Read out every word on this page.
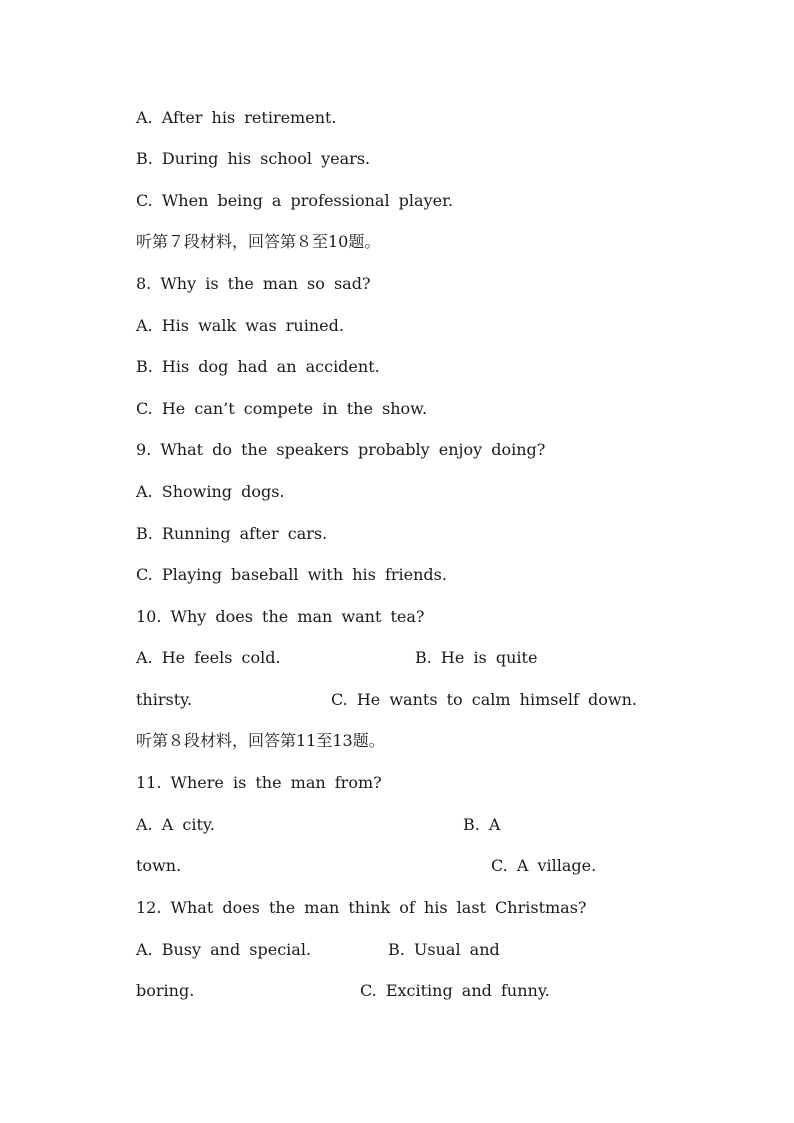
A. After his retirement.
B. During his school years.
C. When being a professional player.
听第７段材料，回答第８至10题。
8. Why is the man so sad?
A. His walk was ruined.
B. His dog had an accident.
C. He can’t compete in the show.
9. What do the speakers probably enjoy doing?
A. Showing dogs.
B. Running after cars.
C. Playing baseball with his friends.
10. Why does the man want tea?
A. He feels cold.	B. He is quite
thirsty.	C. He wants to calm himself down.
听第８段材料，回答第11至13题。
11. Where is the man from?
A. A city.	B. A
town.	C. A village.
12. What does the man think of his last Christmas?
A. Busy and special.	B. Usual and
boring.	C. Exciting and funny.
